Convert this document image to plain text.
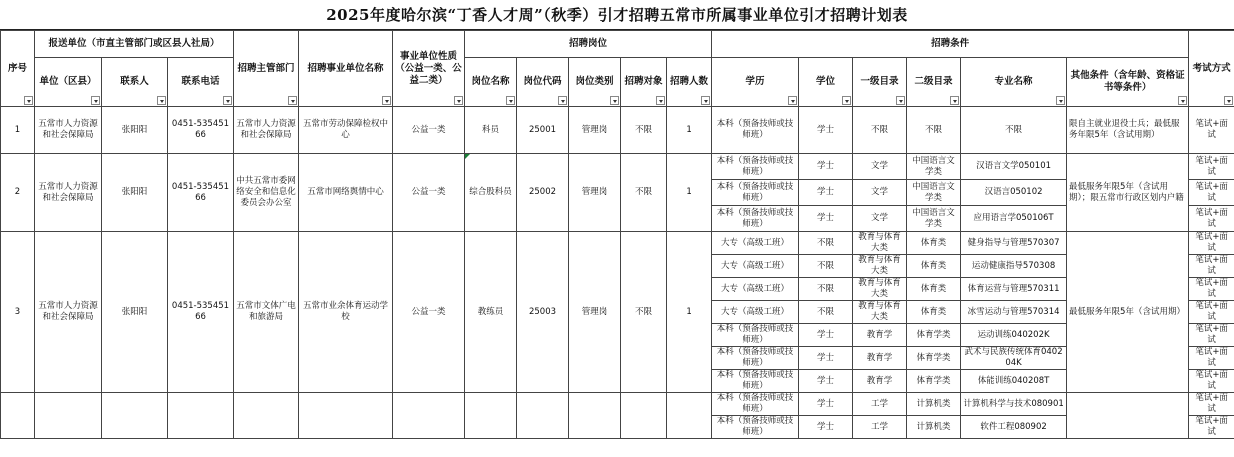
2025年度哈尔滨“丁香人才周”（秋季）引才招聘五常市所属事业单位引才招聘计划表
序号	报送单位（市直主管部门或区县人社局）			招聘主管部门	招聘事业单位名称	事业单位性质（公益一类、公益二类）	招聘岗位					招聘条件						考试方式

	单位（区县）	联系人	联系电话				岗位名称	岗位代码	岗位类别	招聘对象	招聘人数	学历	学位	一级目录	二级目录	专业名称	其他条件（含年龄、资格证书等条件）	

1	五常市人力资源和社会保障局	张阳阳	0451-53545166	五常市人力资源和社会保障局	五常市劳动保障检权中心	公益一类	科员	25001	管理岗	不限	1	本科（预备技师或技师班）	学士	不限	不限	不限	限自主就业退役士兵；最低服务年限5年（含试用期）	笔试+面试
2	五常市人力资源和社会保障局	张阳阳	0451-53545166	中共五常市委网络安全和信息化委员会办公室	五常市网络舆情中心	公益一类	综合股科员	25002	管理岗	不限	1	本科（预备技师或技师班）	学士	文学	中国语言文学类	汉语言文学050101	最低服务年限5年（含试用期）；限五常市行政区划内户籍	笔试+面试
												本科（预备技师或技师班）	学士	文学	中国语言文学类	汉语言050102		笔试+面试
												本科（预备技师或技师班）	学士	文学	中国语言文学类	应用语言学050106T		笔试+面试
3	五常市人力资源和社会保障局	张阳阳	0451-53545166	五常市文体广电和旅游局	五常市业余体育运动学校	公益一类	教练员	25003	管理岗	不限	1	大专（高级工班）	不限	教育与体育大类	体育类	健身指导与管理570307	最低服务年限5年（含试用期）	笔试+面试
												大专（高级工班）	不限	教育与体育大类	体育类	运动健康指导570308		笔试+面试
												大专（高级工班）	不限	教育与体育大类	体育类	体育运营与管理570311		笔试+面试
												大专（高级工班）	不限	教育与体育大类	体育类	冰雪运动与管理570314		笔试+面试
												本科（预备技师或技师班）	学士	教育学	体育学类	运动训练040202K		笔试+面试
												本科（预备技师或技师班）	学士	教育学	体育学类	武术与民族传统体育040204K		笔试+面试
												本科（预备技师或技师班）	学士	教育学	体育学类	体能训练040208T		笔试+面试
												本科（预备技师或技师班）	学士	工学	计算机类	计算机科学与技术080901		笔试+面试
												本科（预备技师或技师班）	学士	工学	计算机类	软件工程080902		笔试+面试
